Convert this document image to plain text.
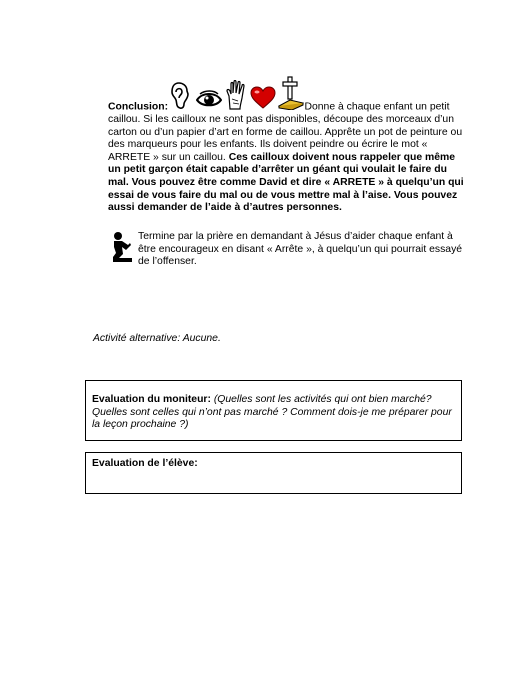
Conclusion:	Donne à chaque enfant un petit caillou. Si les cailloux ne sont pas disponibles, découpe des morceaux d’un carton ou d’un papier d’art en forme de caillou. Apprête un pot de peinture ou des marqueurs pour les enfants. Ils doivent peindre ou écrire le mot « ARRETE » sur un caillou. Ces cailloux doivent nous rappeler que même un petit garçon était capable d’arrêter un géant qui voulait le faire du mal. Vous pouvez être comme David et dire « ARRETE » à quelqu’un qui essai de vous faire du mal ou de vous mettre mal à l’aise. Vous pouvez aussi demander de l’aide à d’autres personnes.
Termine par la prière en demandant à Jésus d’aider chaque enfant à être encourageux en disant « Arrête », à quelqu’un qui pourrait essayé de l’offenser.
Activité alternative: Aucune.
Evaluation du moniteur: (Quelles sont les activités qui ont bien marché? Quelles sont celles qui n’ont pas marché ? Comment dois-je me préparer pour la leçon prochaine ?)
Evaluation de l’élève:
